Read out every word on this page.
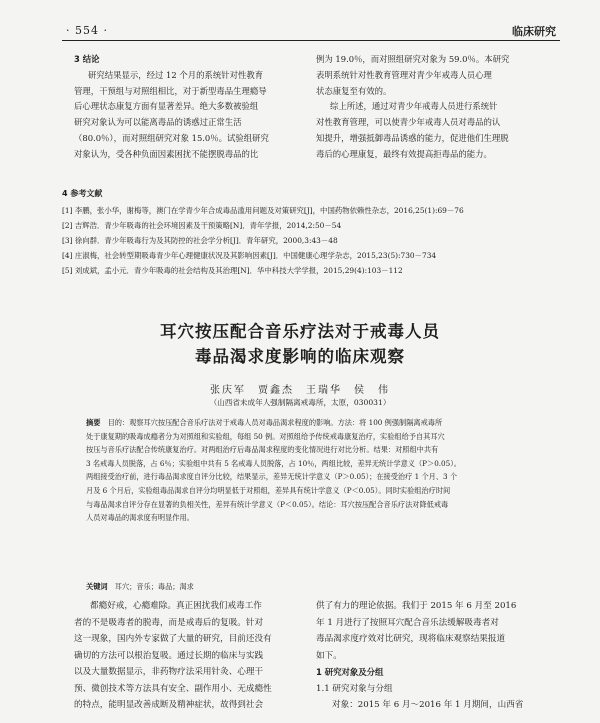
· 554 ·	临床研究

3 结论

研究结果显示，经过 12 个月的系统针对性教育

管理，干预组与对照组相比，对于新型毒品生理瘾导

后心理状态康复方面有显著差异。绝大多数被验组

研究对象认为可以能离毒品的诱惑过正常生活

（80.0％），而对照组研究对象 15.0％。试验组研究

对象认为，受各种负面因素困扰不能摆脱毒品的比

例为 19.0％，而对照组研究对象为 59.0％。本研究

表明系统针对性教育管理对青少年戒毒人员心理

状态康复至有效的。

综上所述，通过对青少年戒毒人员进行系统针

对性教育管理，可以使青少年戒毒人员对毒品的认

知提升，增强抵御毒品诱惑的能力，促进他们生理脱

毒后的心理康复，最终有效提高拒毒品的能力。

4 参考文献

[1] 李鹏，张小华，谢梅等，澳门在学青少年合成毒品滥用问题及对策研究[J]，中国药物依赖性杂志，2016,25(1):69－76

[2] 吉辉浩．青少年吸毒的社会环境因素及干预策略[N]．青年学报，2014,2:50－54

[3] 徐向群．青少年吸毒行为及其防控的社会学分析[J]．青年研究，2000,3:43－48

[4] 庄淑梅，社会转型期吸毒青少年心理健康状况及其影响因素[J]．中国健康心理学杂志，2015,23(5):730－734

[5] 刘成斌，孟小元．青少年吸毒的社会结构及其治理[N]．华中科技大学学报，2015,29(4):103－112

耳穴按压配合音乐疗法对于戒毒人员
毒品渴求度影响的临床观察
张庆军　贾鑫杰　王瑞华　侯　伟
（山西省未成年人强制隔离戒毒所，太原，030031）

摘要　 目的：观察耳穴按压配合音乐疗法对于戒毒人员对毒品渴求程度的影响。方法：将 100 例强制隔离戒毒所

处于康复期的吸毒成瘾者分为对照组和实验组，每组 50 例。对照组给予传统戒毒康复治疗，实验组给予自其耳穴

按压与音乐疗法配合传统康复治疗。对两组治疗后毒品渴求程度的变化情况进行对比分析。结果：对照组中共有

3 名戒毒人员脱落，占 6％；实验组中共有 5 名戒毒人员脱落，占 10％，两组比较，差异无统计学意义（P＞0.05）。

两组接受治疗前，进行毒品渴求度自评分比较，结果显示，差异无统计学意义（P＞0.05）；在接受治疗 1 个月、3 个

月及 6 个月后，实验组毒品渴求自评分均明显低于对照组，差异具有统计学意义（P＜0.05）。同时实验组治疗时间

与毒品渴求自评分存在显著的负相关性，差异有统计学意义（P＜0.05）。结论：耳穴按压配合音乐疗法对降低戒毒

人员对毒品的渴求度有明显作用。

关键词　 耳穴；音乐；毒品；渴求

都瘾好戒，心瘾难除。真正困扰我们戒毒工作

者的不是吸毒者的脱毒，而是戒毒后的复吸。针对

这一现象，国内外专家做了大量的研究，目前还没有

确切的方法可以根治复吸。通过长期的临床与实践

以及大量数据显示，非药物疗法采用针灸、心理干

预、微创技术等方法具有安全、副作用小、无成瘾性

的特点，能明显改善成断及精神症状，故得到社会

供了有力的理论依据。我们于 2015 年 6 月至 2016

年 1 月进行了按照耳穴配合音乐法缓解吸毒者对

毒品渴求度疗效对比研究，现将临床观察结果报道

如下。

1 研究对象及分组

1.1 研究对象与分组

对象：2015 年 6 月～2016 年 1 月期间，山西省

的广泛重视[1]，考虑到此类方法对降低复吸有很大 的帮助，在强戒所里应用无疑是一个不错的选择。 而且对古籍及现代文献的查阅，也为我们的研究提
未成年人强制隔离戒毒所处于康复期的青少年戒毒 人员 100 例。入组标准：（1）符合中国精神障碍分
